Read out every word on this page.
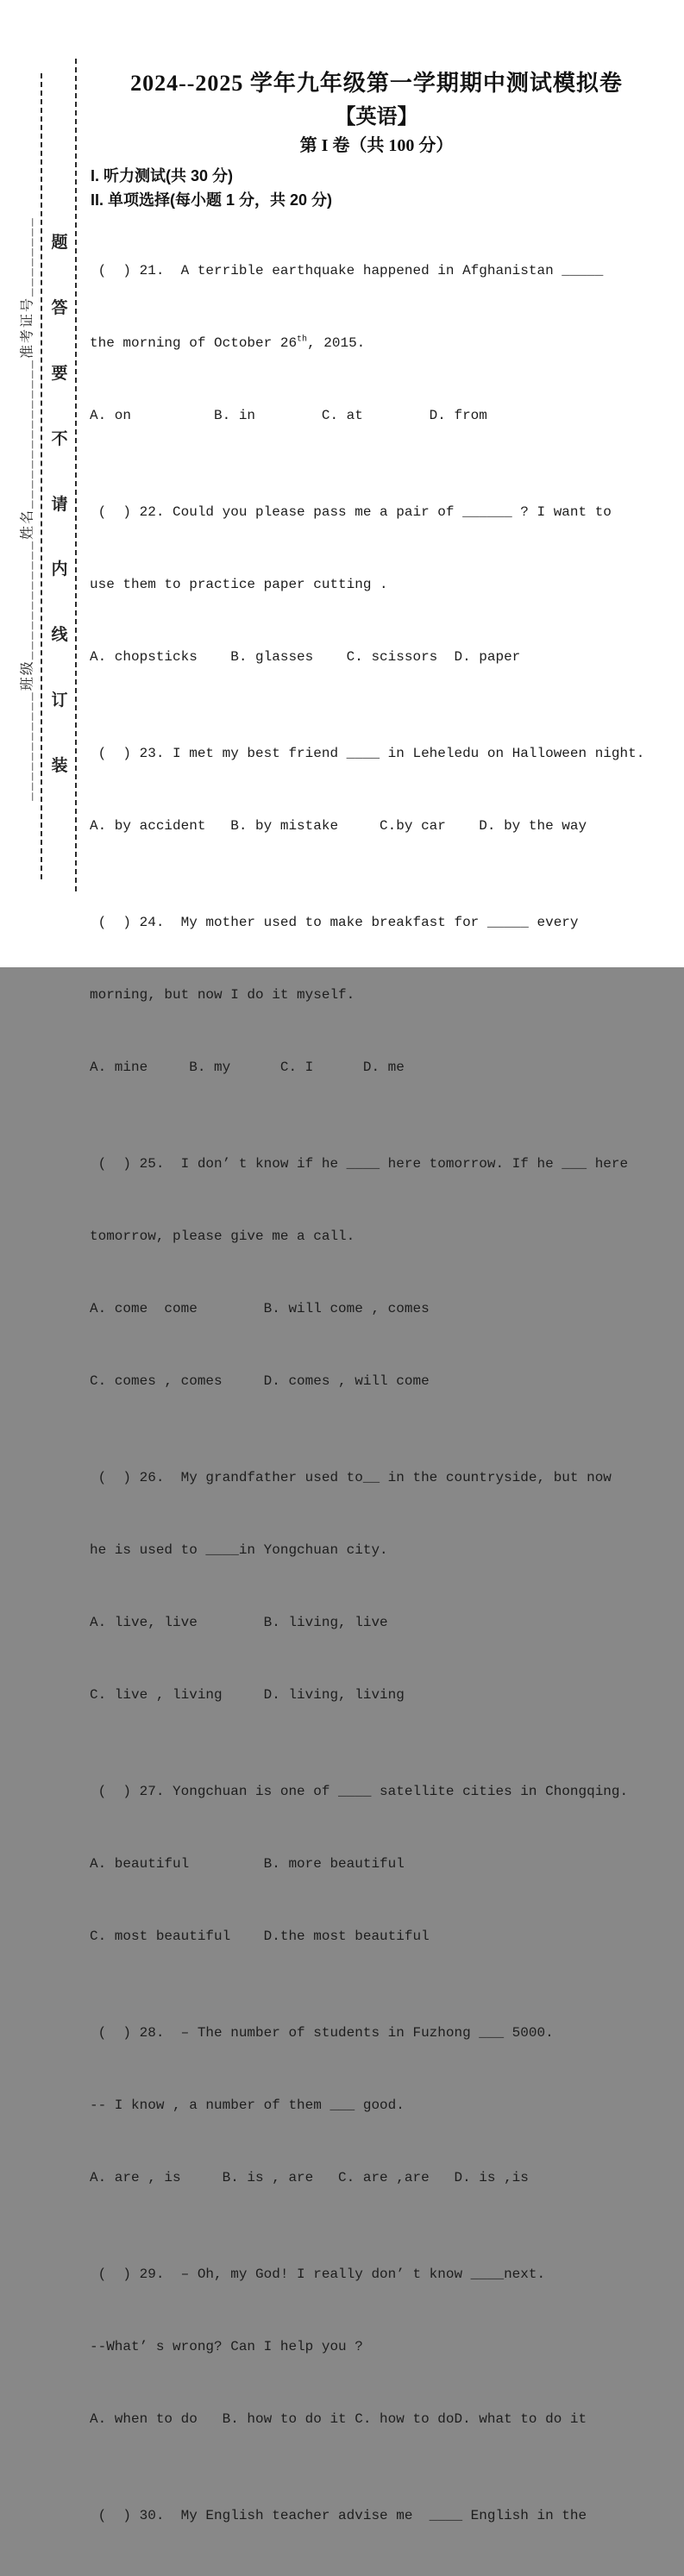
___________班级____________姓名_______________准考证号________ 题
答
要
不
请
内
线
订
装
2024--2025 学年九年级第一学期期中测试模拟卷
【英语】
第 I 卷（共 100 分）
I. 听力测试(共 30 分)
II. 单项选择(每小题 1 分，共 20 分)

(  ) 21.  A terrible earthquake happened in Afghanistan _____

the morning of October 26th, 2015.

A. on          B. in        C. at        D. from

(  ) 22. Could you please pass me a pair of ______ ? I want to

use them to practice paper cutting .

A. chopsticks    B. glasses    C. scissors  D. paper

(  ) 23. I met my best friend ____ in Leheledu on Halloween night.

A. by accident   B. by mistake     C.by car    D. by the way

(  ) 24.  My mother used to make breakfast for _____ every

morning, but now I do it myself.

A. mine     B. my      C. I      D. me

(  ) 25.  I don’ t know if he ____ here tomorrow. If he ___ here

tomorrow, please give me a call.

A. come  come        B. will come , comes

C. comes , comes     D. comes , will come

(  ) 26.  My grandfather used to__ in the countryside, but now

he is used to ____in Yongchuan city.

A. live, live        B. living, live

C. live , living     D. living, living

(  ) 27. Yongchuan is one of ____ satellite cities in Chongqing.

A. beautiful         B. more beautiful

C. most beautiful    D.the most beautiful

(  ) 28.  – The number of students in Fuzhong ___ 5000.

-- I know , a number of them ___ good.

A. are , is     B. is , are   C. are ,are   D. is ,is

(  ) 29.  – Oh, my God! I really don’ t know ____next.

--What’ s wrong? Can I help you ?

A. when to do   B. how to do it C. how to doD. what to do it

(  ) 30.  My English teacher advise me  ____ English in the
